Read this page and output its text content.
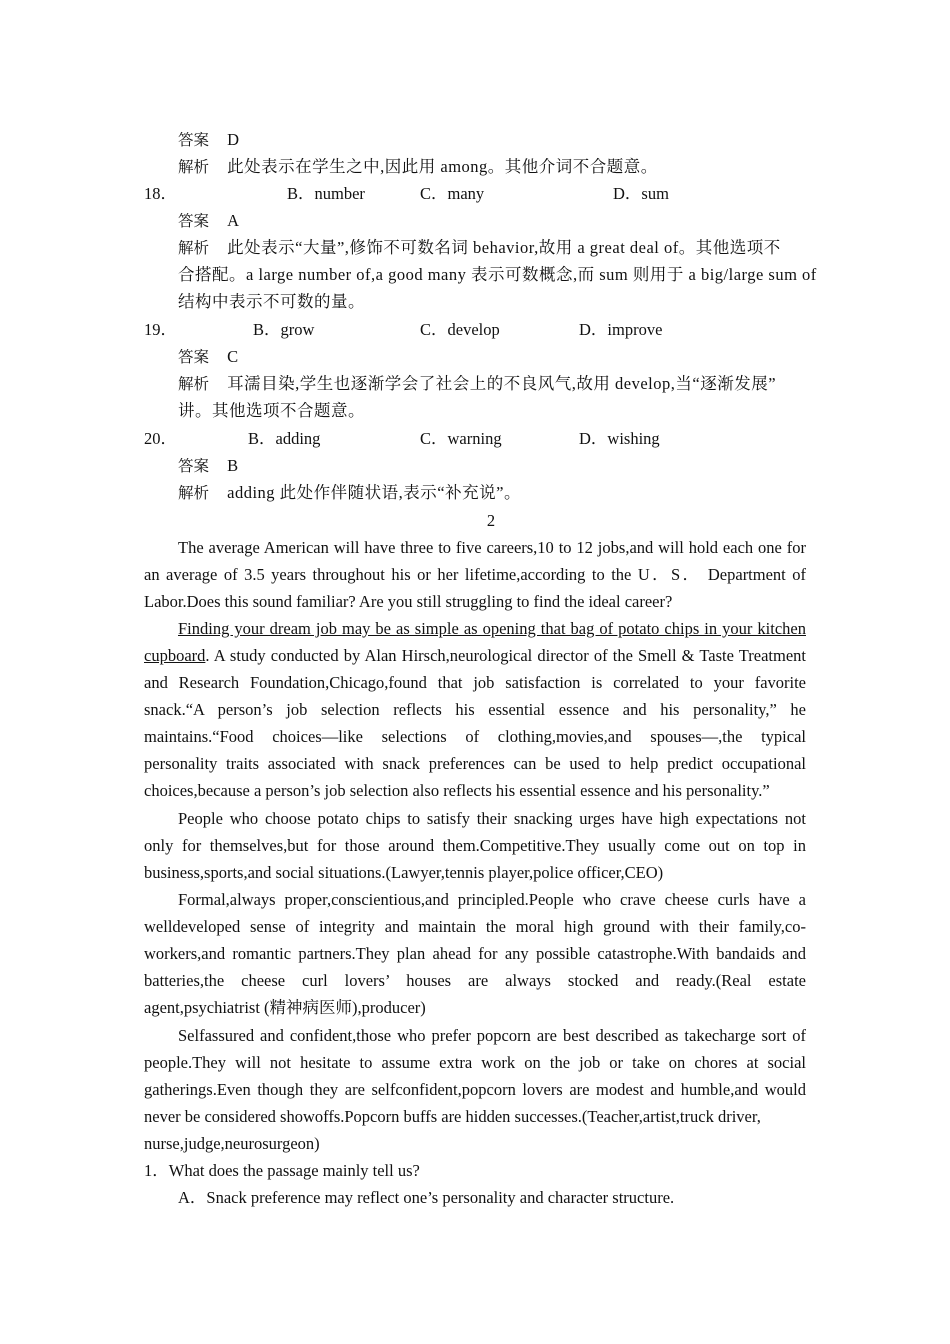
答案 D
解析 此处表示在学生之中,因此用 among。其他介词不合题意。
18．	B．number	C．many	D．sum
答案 A
解析 此处表示“大量”,修饰不可数名词 behavior,故用 a great deal of。其他选项不
合搭配。a large number of,a good many 表示可数概念,而 sum 则用于 a big/large sum of
结构中表示不可数的量。
19．	B．grow	C．develop	D．improve
答案 C
解析 耳濡目染,学生也逐渐学会了社会上的不良风气,故用 develop,当“逐渐发展”
讲。其他选项不合题意。
20．	B．adding	C．warning	D．wishing
答案 B
解析 adding 此处作伴随状语,表示“补充说”。
2
The average American will have three to five careers,10 to 12 jobs,and will hold each one for
an average of 3.5 years throughout his or her lifetime,according to the U．S． Department of
Labor.Does this sound familiar? Are you still struggling to find the ideal career?
Finding your dream job may be as simple as opening that bag of potato chips in your kitchen
cupboard. A study conducted by Alan Hirsch,neurological director of the Smell & Taste Treatment
and Research Foundation,Chicago,found that job satisfaction is correlated to your favorite
snack.“A person’s job selection reflects his essential essence and his personality,” he
maintains.“Food choices—like selections of clothing,movies,and spouses—,the typical
personality traits associated with snack preferences can be used to help predict occupational
choices,because a person’s job selection also reflects his essential essence and his personality.”
People who choose potato chips to satisfy their snacking urges have high expectations not
only for themselves,but for those around them.Competitive.They usually come out on top in
business,sports,and social situations.(Lawyer,tennis player,police officer,CEO)
Formal,always proper,conscientious,and principled.People who crave cheese curls have a
welldeveloped sense of integrity and maintain the moral high ground with their family,co-
workers,and romantic partners.They plan ahead for any possible catastrophe.With bandaids and
batteries,the cheese curl lovers’ houses are always stocked and ready.(Real estate
agent,psychiatrist (精神病医师),producer)
Selfassured and confident,those who prefer popcorn are best described as takecharge sort of
people.They will not hesitate to assume extra work on the job or take on chores at social
gatherings.Even though they are selfconfident,popcorn lovers are modest and humble,and would
never be considered showoffs.Popcorn buffs are hidden successes.(Teacher,artist,truck driver,
nurse,judge,neurosurgeon)
1．What does the passage mainly tell us?
A．Snack preference may reflect one’s personality and character structure.
